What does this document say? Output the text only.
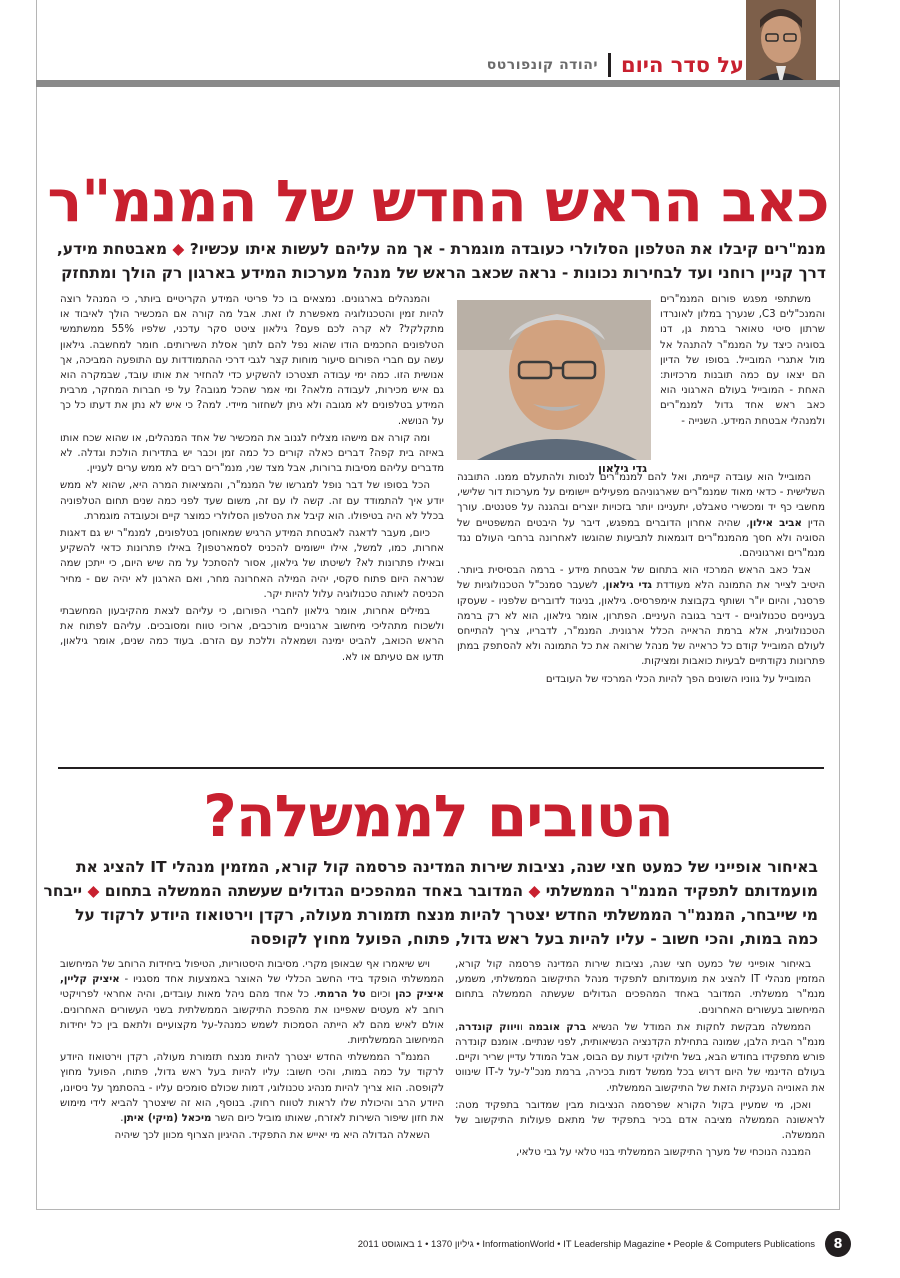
יהודה קונפורטס	על סדר היום
כאב הראש החדש של המנמ"ר
מנמ"רים קיבלו את הטלפון הסלולרי כעובדה מוגמרת - אך מה עליהם לעשות איתו עכשיו? ◆ מאבטחת מידע, דרך קניין רוחני ועד לבחירות נכונות - נראה שכאב הראש של מנהל מערכות המידע בארגון רק הולך ומתחזק

משתתפי מפגש פורום המנמ"רים והמנכ"לים C3, שנערך במלון לאונרדו שרתון סיטי טאואר ברמת גן, דנו בסוגיה כיצד על המנמ"ר להתנהל אל מול אתגרי המובייל. בסופו של הדיון הם יצאו עם כמה תובנות מרכזיות: האחת - המובייל בעולם הארגוני הוא כאב ראש אחד גדול למנמ"רים ולמנהלי אבטחת המידע. השנייה -

גדי גילאון

המובייל הוא עובדה קיימת, ואל להם למנמ"רים לנסות ולהתעלם ממנו. התובנה השלישית - כדאי מאוד שמנמ"רים שארגוניהם מפעילים יישומים על מערכות דור שלישי, מחשבי כף יד ומכשירי טאבלט, יתעניינו יותר בזכויות יוצרים ובהגנה על פטנטים. עורך הדין אביב אילון, שהיה אחרון הדוברים במפגש, דיבר על היבטים המשפטיים של הסוגיה ולא חסך מהמנמ"רים דוגמאות לתביעות שהוגשו לאחרונה ברחבי העולם נגד מנמ"רים וארגוניהם.

אבל כאב הראש המרכזי הוא בתחום של אבטחת מידע - ברמה הבסיסית ביותר. היטיב לצייר את התמונה הלא מעודדת גדי גילאון, לשעבר סמנכ"ל הטכנולוגיות של פרסנר, והיום יו"ר ושותף בקבוצת אימפרסיס. גילאון, בניגוד לדוברים שלפניו - שעסקו בעניינים טכנולוגיים - דיבר בגובה העיניים. הפתרון, אומר גילאון, הוא לא רק ברמה הטכנולוגית, אלא ברמת הראייה הכלל ארגונית. המנמ"ר, לדבריו, צריך להתייחס לעולם המובייל קודם כל כראייה של מנהל שרואה את כל התמונה ולא להסתפק במתן פתרונות נקודתיים לבעיות כואבות ומציקות.

המובייל על גווניו השונים הפך להיות הכלי המרכזי של העובדים

והמנהלים בארגונים. נמצאים בו כל פריטי המידע הקריטיים ביותר, כי המנהל רוצה להיות זמין והטכנולוגיה מאפשרת לו זאת. אבל מה קורה אם המכשיר הולך לאיבוד או מתקלקל? לא קרה לכם פעם? גילאון ציטט סקר עדכני, שלפיו 55% ממשתמשי הטלפונים החכמים הודו שהוא נפל להם לתוך אסלת השירותים. חומר למחשבה. גילאון עשה עם חברי הפורום סיעור מוחות קצר לגבי דרכי ההתמודדות עם התופעה המביכה, אך אנושית הזו. כמה ימי עבודה תצטרכו להשקיע כדי להחזיר את אותו עובד, שבמקרה הוא גם איש מכירות, לעבודה מלאה? ומי אמר שהכל מגובה? על פי חברות המחקר, מרבית המידע בטלפונים לא מגובה ולא ניתן לשחזור מיידי. למה? כי איש לא נתן את דעתו כל כך על הנושא.

ומה קורה אם מישהו מצליח לגנוב את המכשיר של אחד המנהלים, או שהוא שכח אותו באיזה בית קפה? דברים כאלה קורים כל כמה זמן וכבר יש בתדירות הולכת וגדלה. לא מדברים עליהם מסיבות ברורות, אבל מצד שני, מנמ"רים רבים לא ממש ערים לעניין.

הכל בסופו של דבר נופל למגרשו של המנמ"ר, והמציאות המרה היא, שהוא לא ממש יודע איך להתמודד עם זה. קשה לו עם זה, משום שעד לפני כמה שנים תחום הטלפוניה בכלל לא היה בטיפולו. הוא קיבל את הטלפון הסלולרי כמוצר קיים וכעובדה מוגמרת.

כיום, מעבר לדאגה לאבטחת המידע הרגיש שמאוחסן בטלפונים, למנמ"ר יש גם דאגות אחרות, כמו, למשל, אילו יישומים להכניס לסמארטפון? באילו פתרונות כדאי להשקיע ובאילו פתרונות לא? לשיטתו של גילאון, אסור להסתכל על מה שיש היום, כי ייתכן שמה שנראה היום פתוח סקסי, יהיה המילה האחרונה מחר, ואם הארגון לא יהיה שם - מחיר הכניסה לאותה טכנולוגיה עלול להיות יקר.

במילים אחרות, אומר גילאון לחברי הפורום, כי עליהם לצאת מהקיבעון המחשבתי ולשכוח מתהליכי מיחשוב ארגוניים מורכבים, ארוכי טווח ומסובכים. עליהם לפתוח את הראש הכואב, להביט ימינה ושמאלה וללכת עם הזרם. בעוד כמה שנים, אומר גילאון, תדעו אם טעיתם או לא.

הטובים לממשלה?
באיחור אופייני של כמעט חצי שנה, נציבות שירות המדינה פרסמה קול קורא, המזמין מנהלי IT להציג את מועמדותם לתפקיד המנמ"ר הממשלתי ◆ המדובר באחד המהפכים הגדולים שעשתה הממשלה בתחום ◆ ייבחר מי שייבחר, המנמ"ר הממשלתי החדש יצטרך להיות מנצח תזמורת מעולה, רקדן וירטואוז היודע לרקוד על כמה במות, והכי חשוב - עליו להיות בעל ראש גדול, פתוח, הפועל מחוץ לקופסה

באיחור אופייני של כמעט חצי שנה, נציבות שירות המדינה פרסמה קול קורא, המזמין מנהלי IT להציג את מועמדותם לתפקיד מנהל התיקשוב הממשלתי, משמע, מנמ"ר ממשלתי. המדובר באחד המהפכים הגדולים שעשתה הממשלה בתחום המיחשוב בעשורים האחרונים.

הממשלה מבקשת לחקות את המודל של הנשיא ברק אובמה וויווק קונדרה, מנמ"ר הבית הלבן, שמונה בתחילת הקדנציה הנשיאותית, לפני שנתיים. אומנם קונדרה פורש מתפקידו בחודש הבא, בשל חילוקי דעות עם הבוס, אבל המודל עדיין שריר וקיים. בעולם הדינמי של היום דרוש בכל ממשל דמות בכירה, ברמת מנכ"ל-על ל-IT שינווט את האונייה הענקית הזאת של התיקשוב הממשלתי.

ואכן, מי שמעיין בקול הקורא שפרסמה הנציבות מבין שמדובר בתפקיד מטה: לראשונה הממשלה מציבה אדם בכיר בתפקיד של מתאם פעולות התיקשוב של הממשלה.

המבנה הנוכחי של מערך התיקשוב הממשלתי בנוי טלאי על גבי טלאי,

ויש שיאמרו אף שבאופן מקרי. מסיבות היסטוריות, הטיפול ביחידות הרוחב של המיחשוב הממשלתי הופקד בידי החשב הכללי של האוצר באמצעות אחד מסגניו - איציק קליין, איציק כהן וכיום טל הרמתי. כל אחד מהם ניהל מאות עובדים, והיה אחראי לפרויקטי רוחב לא מעטים שאפיינו את מהפכת התיקשוב הממשלתית בשני העשורים האחרונים. אולם לאיש מהם לא הייתה הסמכות לשמש כמנהל-על מקצועיים ולתאם בין כל יחידות המיחשוב הממשלתיות.

המנמ"ר הממשלתי החדש יצטרך להיות מנצח תזמורת מעולה, רקדן וירטואוז היודע לרקוד על כמה במות, והכי חשוב: עליו להיות בעל ראש גדול, פתוח, הפועל מחוץ לקופסה. הוא צריך להיות מנהיג טכנולוגי, דמות שכולם סומכים עליו - בהסתמך על ניסיונו, היודע הרב והיכולת שלו לראות לטווח רחוק. בנוסף, הוא זה שיצטרך להביא לידי מימוש את חזון שיפור השירות לאזרח, שאותו מוביל כיום השר מיכאל (מיקי) איתן.

השאלה הגדולה היא מי יאייש את התפקיד. ההיגיון הצרוף מכוון לכך שיהיה

גיליון 1370 • 1 באוגוסט 2011 • InformationWorld • IT Leadership Magazine • People & Computers Publications	8
